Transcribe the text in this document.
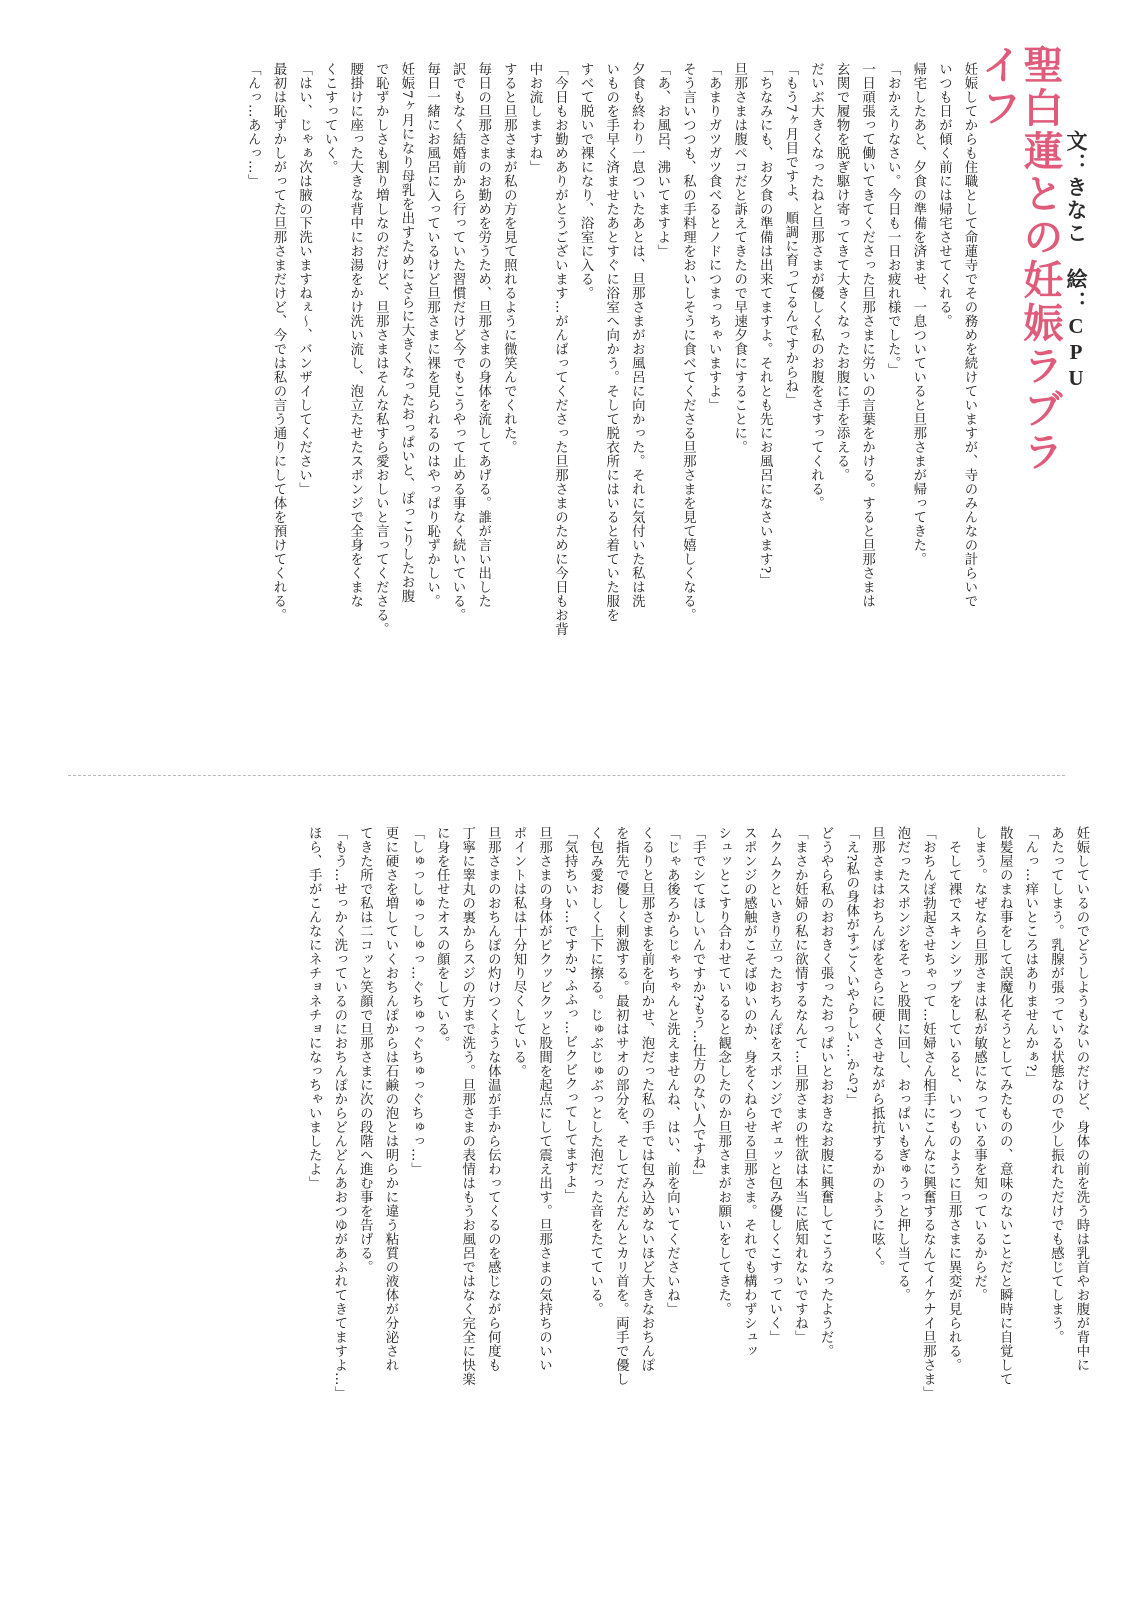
聖白蓮との妊娠ラブライフ
文：きなこ　絵：CPU
妊娠してからも住職として命蓮寺でその務めを続けていますが、寺のみんなの計らいで
いつも日が傾く前には帰宅させてくれる。
帰宅したあと、夕食の準備を済ませ、一息ついていると旦那さまが帰ってきた。
「おかえりなさい。今日も一日お疲れ様でした。」
一日頑張って働いてきてくださった旦那さまに労いの言葉をかける。すると旦那さまは
玄関で履物を脱ぎ駆け寄ってきて大きくなったお腹に手を添える。
だいぶ大きくなったねと旦那さまが優しく私のお腹をさすってくれる。
「もう7ヶ月目ですよ、順調に育ってるんですからね」
「ちなみにも、お夕食の準備は出来てますよ。それとも先にお風呂になさいます?」
旦那さまは腹ペコだと訴えてきたので早速夕食にすることに。
「あまりガツガツ食べるとノドにつまっちゃいますよ」
そう言いつつも、私の手料理をおいしそうに食べてくださる旦那さまを見て嬉しくなる。
「あ、お風呂、沸いてますよ」
夕食も終わり一息ついたあとは、旦那さまがお風呂に向かった。それに気付いた私は洗
いものを手早く済ませたあとすぐに浴室へ向かう。そして脱衣所にはいると着ていた服を
すべて脱いで裸になり、浴室に入る。
「今日もお勤めありがとうございます…がんばってくださった旦那さまのために今日もお背
中お流しますね」
すると旦那さまが私の方を見て照れるように微笑んでくれた。
毎日の旦那さまのお勤めを労うため、旦那さまの身体を流してあげる。誰が言い出した
訳でもなく結婚前から行っていた習慣だけど今でもこうやって止める事なく続いている。
毎日一緒にお風呂に入っているけど旦那さまに裸を見られるのはやっぱり恥ずかしい。
妊娠7ヶ月になり母乳を出すためにさらに大きくなったおっぱいと、ぽっこりしたお腹
で恥ずかしさも割り増しなのだけど、旦那さまはそんな私すら愛おしいと言ってくださる。
腰掛けに座った大きな背中にお湯をかけ洗い流し、泡立たせたスポンジで全身をくまな
くこすっていく。
「はい、じゃぁ次は腋の下洗いますねぇ～、バンザイしてください」
最初は恥ずかしがってた旦那さまだけど、今では私の言う通りにして体を預けてくれる。
「んっ…あんっ…」
妊娠しているのでどうしようもないのだけど、身体の前を洗う時は乳首やお腹が背中に
あたってしまう。乳腺が張っている状態なので少し振れただけでも感じてしまう。
「んっ…痒いところはありませんかぁ?」
散髪屋のまね事をして誤魔化そうとしてみたものの、意味のないことだと瞬時に自覚して
しまう。なぜなら旦那さまは私が敏感になっている事を知っているからだ。
そして裸でスキンシップをしていると、いつものように旦那さまに異変が見られる。
「おちんぽ勃起させちゃって…妊婦さん相手にこんなに興奮するなんてイケナイ旦那さま」
泡だったスポンジをそっと股間に回し、おっぱいもぎゅうっと押し当てる。
旦那さまはおちんぽをさらに硬くさせながら抵抗するかのように呟く。
「え?私の身体がすごくいやらしい…から?」
どうやら私のおおきく張ったおっぱいとおおきなお腹に興奮してこうなったようだ。
「まさか妊婦の私に欲情するなんて…旦那さまの性欲は本当に底知れないですね」
ムクムクといきり立ったおちんぽをスポンジでギュッと包み優しくこすっていく」
スポンジの感触がこそばゆいのか、身をくねらせる旦那さま。それでも構わずシュッ
シュッとこすり合わせているると観念したのか旦那さまがお願いをしてきた。
「手でシてほしいんですか?もう…仕方のない人ですね」
「じゃあ後ろからじゃちゃんと洗えませんね、はい、前を向いてくださいね」
くるりと旦那さまを前を向かせ、泡だった私の手では包み込めないほど大きなおちんぽ
を指先で優しく刺激する。最初はサオの部分を、そしてだんだんとカリ首を。両手で優し
く包み愛おしく上下に擦る。じゅぶじゅぶっとした泡だった音をたてている。
「気持ちいい…ですか? ふふっ…ビクビクってしてますよ」
旦那さまの身体がビクッビクッと股間を起点にして震え出す。旦那さまの気持ちのいい
ポイントは私は十分知り尽くしている。
旦那さまのおちんぽの灼けつくような体温が手から伝わってくるのを感じながら何度も
丁寧に睾丸の裏からスジの方まで洗う。旦那さまの表情はもうお風呂ではなく完全に快楽
に身を任せたオスの顔をしている。
「しゅっしゅっしゅっ…ぐちゅっぐちゅっぐちゅっ…」
更に硬さを増していくおちんぽからは石鹸の泡とは明らかに違う粘質の液体が分泌され
てきた所で私は二コッと笑顔で旦那さまに次の段階へ進む事を告げる。
「もう…せっかく洗っているのにおちんぽからどんどんあおつゆがあふれてきてますよ…」
ほら、手がこんなにネチョネチョになっちゃいましたよ」
